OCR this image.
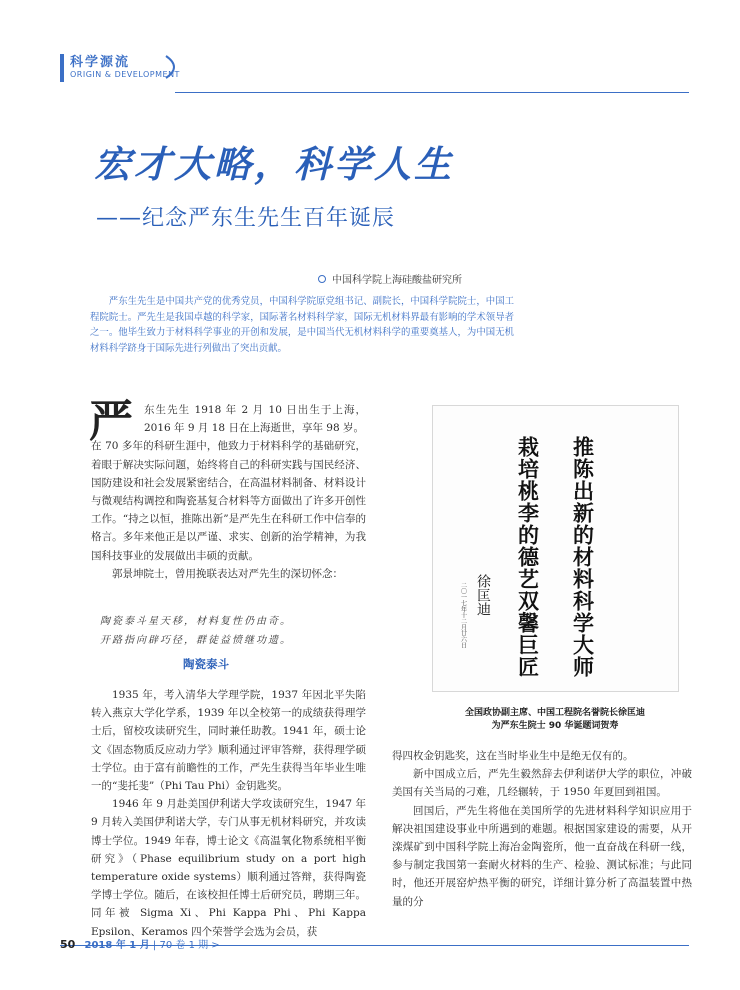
科学源流
ORIGIN & DEVELOPMENT
宏才大略，科学人生
——纪念严东生先生百年诞辰
中国科学院上海硅酸盐研究所
严东生先生是中国共产党的优秀党员，中国科学院原党组书记、副院长，中国科学院院士，中国工程院院士。严先生是我国卓越的科学家，国际著名材料科学家，国际无机材料界最有影响的学术领导者之一。他毕生致力于材料科学事业的开创和发展，是中国当代无机材料科学的重要奠基人，为中国无机材料科学跻身于国际先进行列做出了突出贡献。
严	东生先生 1918 年 2 月 10 日出生于上海，2016 年 9 月 18 日在上海逝世，享年 98 岁。

在 70 多年的科研生涯中，他致力于材料科学的基础研究，着眼于解决实际问题，始终将自己的科研实践与国民经济、国防建设和社会发展紧密结合，在高温材料制备、材料设计与微观结构调控和陶瓷基复合材料等方面做出了许多开创性工作。“持之以恒，推陈出新”是严先生在科研工作中信奉的格言。多年来他正是以严谨、求实、创新的治学精神，为我国科技事业的发展做出丰硕的贡献。

郭景坤院士，曾用挽联表达对严先生的深切怀念：

陶瓷泰斗星天移，材料复性仍由奇。
开路指向辟巧径，群徒益愤继功遗。
陶瓷泰斗

1935 年，考入清华大学理学院，1937 年因北平失陷转入燕京大学化学系，1939 年以全校第一的成绩获得理学士后，留校攻读研究生，同时兼任助教。1941 年，硕士论文《固态物质反应动力学》顺利通过评审答辩，获得理学硕士学位。由于富有前瞻性的工作，严先生获得当年毕业生唯一的“斐托斐”（Phi Tau Phi）金钥匙奖。

1946 年 9 月赴美国伊利诺大学攻读研究生，1947 年 9 月转入美国伊利诺大学，专门从事无机材料研究，并攻读博士学位。1949 年春，博士论文《高温氧化物系统相平衡研究》（Phase equilibrium study on a port high temperature oxide systems）顺利通过答辩，获得陶瓷学博士学位。随后，在该校担任博士后研究员，聘期三年。同年被 Sigma Xi、Phi Kappa Phi、Phi Kappa Epsilon、Keramos 四个荣誉学会选为会员，获

推陈出新的材料科学大师
栽培桃李的德艺双馨巨匠
徐匡迪
二〇一七年十二月廿六日
全国政协副主席、中国工程院名誉院长徐匡迪
为严东生院士 90 华诞题词贺寿

得四枚金钥匙奖，这在当时毕业生中是绝无仅有的。

新中国成立后，严先生毅然辞去伊利诺伊大学的职位，冲破美国有关当局的刁难，几经辗转，于 1950 年夏回到祖国。

回国后，严先生将他在美国所学的先进材料科学知识应用于解决祖国建设事业中所遇到的难题。根据国家建设的需要，从开滦煤矿到中国科学院上海冶金陶瓷所，他一直奋战在科研一线，参与制定我国第一套耐火材料的生产、检验、测试标准；与此同时，他还开展窑炉热平衡的研究，详细计算分析了高温装置中热量的分

50 2018 年 1 月 | 70 卷 1 期 >
